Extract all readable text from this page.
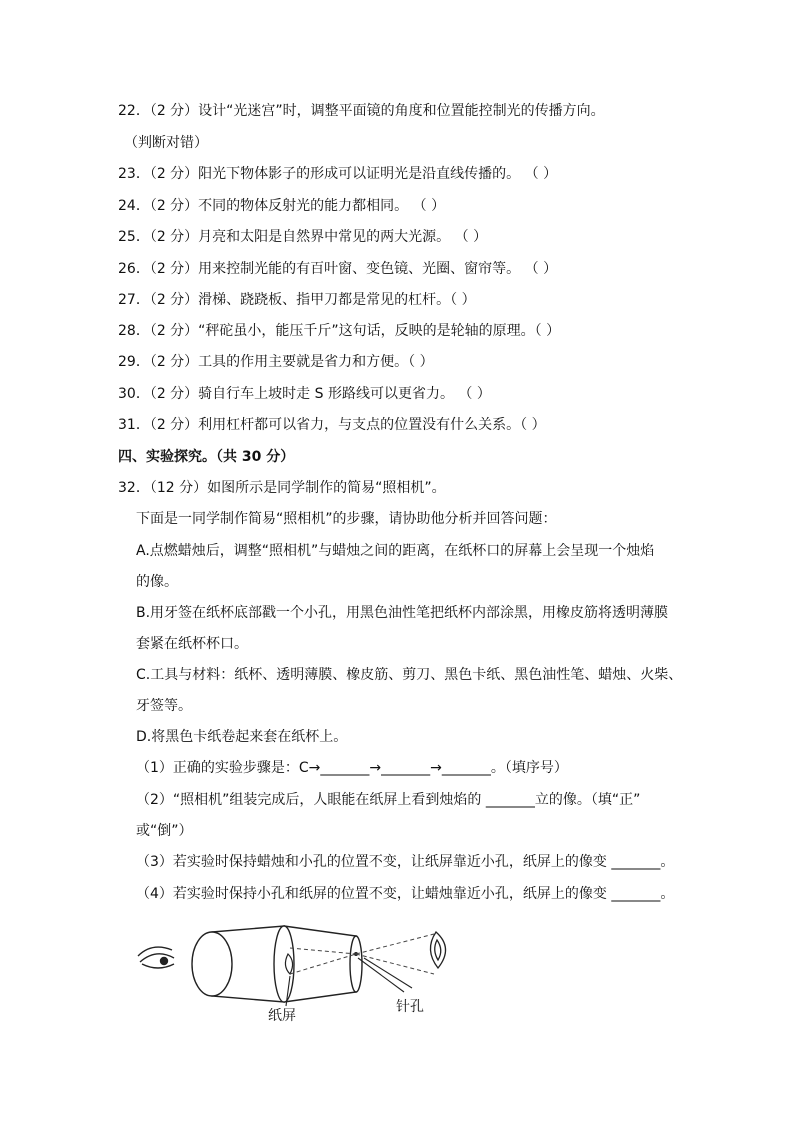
22．（2 分）设计“光迷宫”时，调整平面镜的角度和位置能控制光的传播方向。
（判断对错）
23．（2 分）阳光下物体影子的形成可以证明光是沿直线传播的。 （ ）
24．（2 分）不同的物体反射光的能力都相同。 （ ）
25．（2 分）月亮和太阳是自然界中常见的两大光源。 （ ）
26．（2 分）用来控制光能的有百叶窗、变色镜、光圈、窗帘等。 （ ）
27．（2 分）滑梯、跷跷板、指甲刀都是常见的杠杆。（ ）
28．（2 分）“秤砣虽小，能压千斤”这句话，反映的是轮轴的原理。（ ）
29．（2 分）工具的作用主要就是省力和方便。（ ）
30．（2 分）骑自行车上坡时走 S 形路线可以更省力。 （ ）
31．（2 分）利用杠杆都可以省力，与支点的位置没有什么关系。（ ）
四、实验探究。（共 30 分）
32．（12 分）如图所示是同学制作的简易“照相机”。
下面是一同学制作简易“照相机”的步骤，请协助他分析并回答问题：
A.点燃蜡烛后，调整“照相机”与蜡烛之间的距离，在纸杯口的屏幕上会呈现一个烛焰
的像。
B.用牙签在纸杯底部戳一个小孔，用黑色油性笔把纸杯内部涂黑，用橡皮筋将透明薄膜
套紧在纸杯杯口。
C.工具与材料：纸杯、透明薄膜、橡皮筋、剪刀、黑色卡纸、黑色油性笔、蜡烛、火柴、
牙签等。
D.将黑色卡纸卷起来套在纸杯上。
（1）正确的实验步骤是：C→_______→_______→_______。（填序号）
（2）“照相机”组装完成后，人眼能在纸屏上看到烛焰的 _______立的像。（填“正”
或“倒”）
（3）若实验时保持蜡烛和小孔的位置不变，让纸屏靠近小孔，纸屏上的像变 _______。
（4）若实验时保持小孔和纸屏的位置不变，让蜡烛靠近小孔，纸屏上的像变 _______。
纸屏
针孔
